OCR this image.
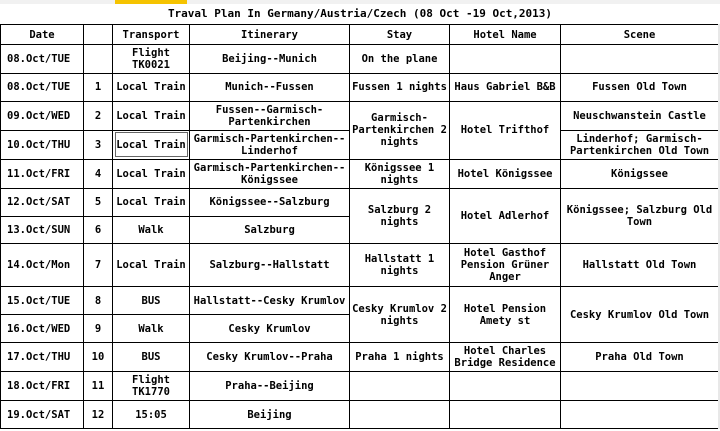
Traval Plan In Germany/Austria/Czech (08 Oct -19 Oct,2013)
Date		Transport	Itinerary	Stay	Hotel Name	Scene
08.Oct/TUE		Flight TK0021	Beijing--Munich	On the plane		
08.Oct/TUE	1	Local Train	Munich--Fussen	Fussen 1 nights	Haus Gabriel B&B	Fussen Old Town
09.Oct/WED	2	Local Train	Fussen--Garmisch-Partenkirchen	Garmisch-Partenkirchen 2 nights	Hotel Trifthof	Neuschwanstein Castle
10.Oct/THU	3	Local Train	Garmisch-Partenkirchen--Linderhof			Linderhof; Garmisch-Partenkirchen Old Town
11.Oct/FRI	4	Local Train	Garmisch-Partenkirchen--Königssee	Königssee 1 nights	Hotel Königssee	Königssee
12.Oct/SAT	5	Local Train	Königssee--Salzburg	Salzburg 2 nights	Hotel Adlerhof	Königssee; Salzburg Old Town
13.Oct/SUN	6	Walk	Salzburg			
14.Oct/Mon	7	Local Train	Salzburg--Hallstatt	Hallstatt 1 nights	Hotel Gasthof Pension Grüner Anger	Hallstatt Old Town
15.Oct/TUE	8	BUS	Hallstatt--Cesky Krumlov	Cesky Krumlov 2 nights	Hotel Pension Amety st	Cesky Krumlov Old Town
16.Oct/WED	9	Walk	Cesky Krumlov			
17.Oct/THU	10	BUS	Cesky Krumlov--Praha	Praha 1 nights	Hotel Charles Bridge Residence	Praha Old Town
18.Oct/FRI	11	Flight TK1770	Praha--Beijing			
19.Oct/SAT	12	15:05	Beijing			
